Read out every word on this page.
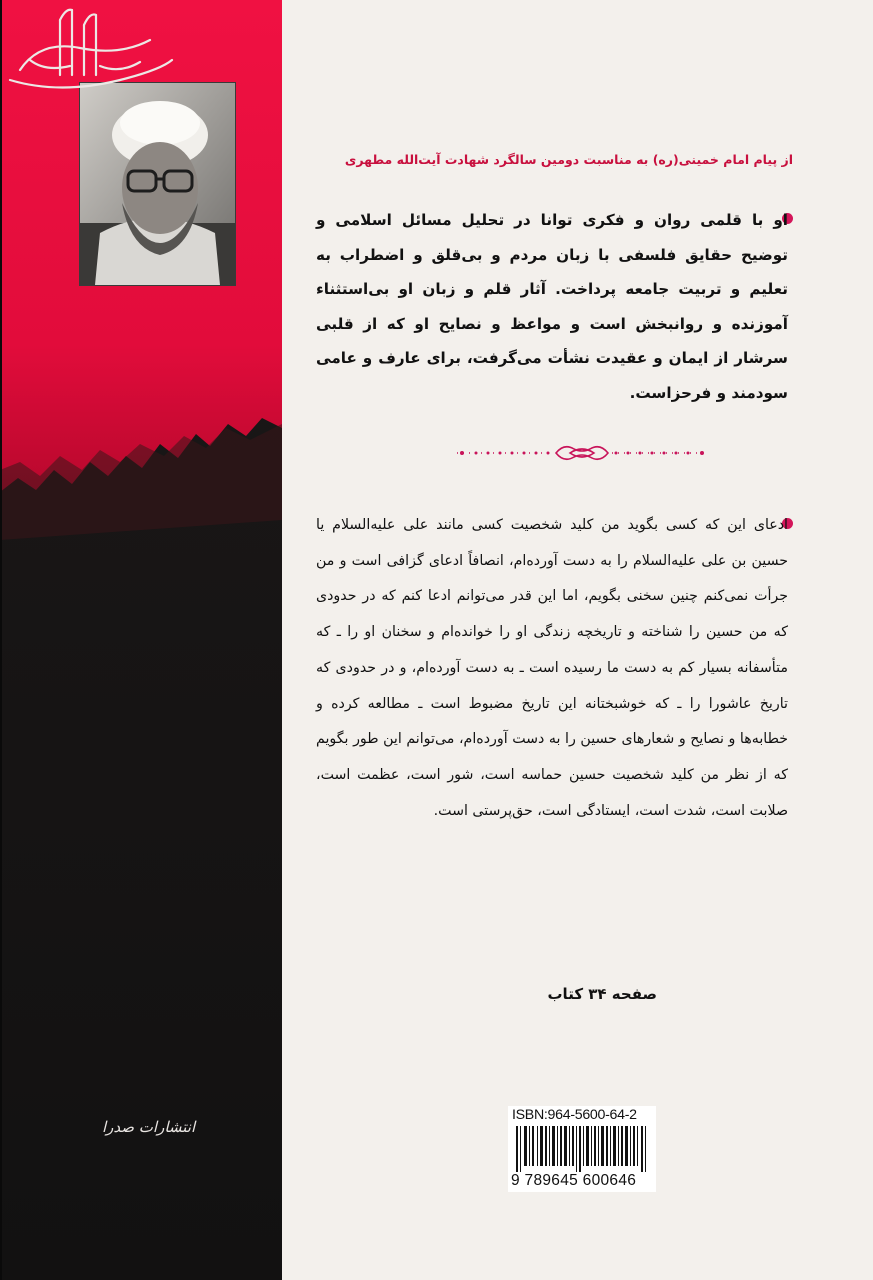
انتشارات صدرا
از پیام امام خمینی(ره) به مناسبت دومین سالگرد شهادت آیت‌الله مطهری
او با قلمی روان و فکری توانا در تحلیل مسائل اسلامی و توضیح حقایق فلسفی با زبان مردم و بی‌قلق و اضطراب به تعلیم و تربیت جامعه پرداخت. آثار قلم و زبان او بی‌استثناء آموزنده و روانبخش است و مواعظ و نصایح او که از قلبی سرشار از ایمان و عقیدت نشأت می‌گرفت، برای عارف و عامی سودمند و فرحزاست.
ادعای این که کسی بگوید من کلید شخصیت کسی مانند علی علیه‌السلام یا حسین بن علی علیه‌السلام را به دست آورده‌ام، انصافاً ادعای گزافی است و من جرأت نمی‌کنم چنین سخنی بگویم، اما این قدر می‌توانم ادعا کنم که در حدودی که من حسین را شناخته و تاریخچه زندگی او را خوانده‌ام و سخنان او را ـ که متأسفانه بسیار کم به دست ما رسیده است ـ به دست آورده‌ام، و در حدودی که تاریخ عاشورا را ـ که خوشبختانه این تاریخ مضبوط است ـ مطالعه کرده و خطابه‌ها و نصایح و شعارهای حسین را به دست آورده‌ام، می‌توانم این طور بگویم که از نظر من کلید شخصیت حسین حماسه است، شور است، عظمت است، صلابت است، شدت است، ایستادگی است، حق‌پرستی است.
صفحه ۳۴ کتاب
ISBN:964-5600-64-2
9 789645 600646
